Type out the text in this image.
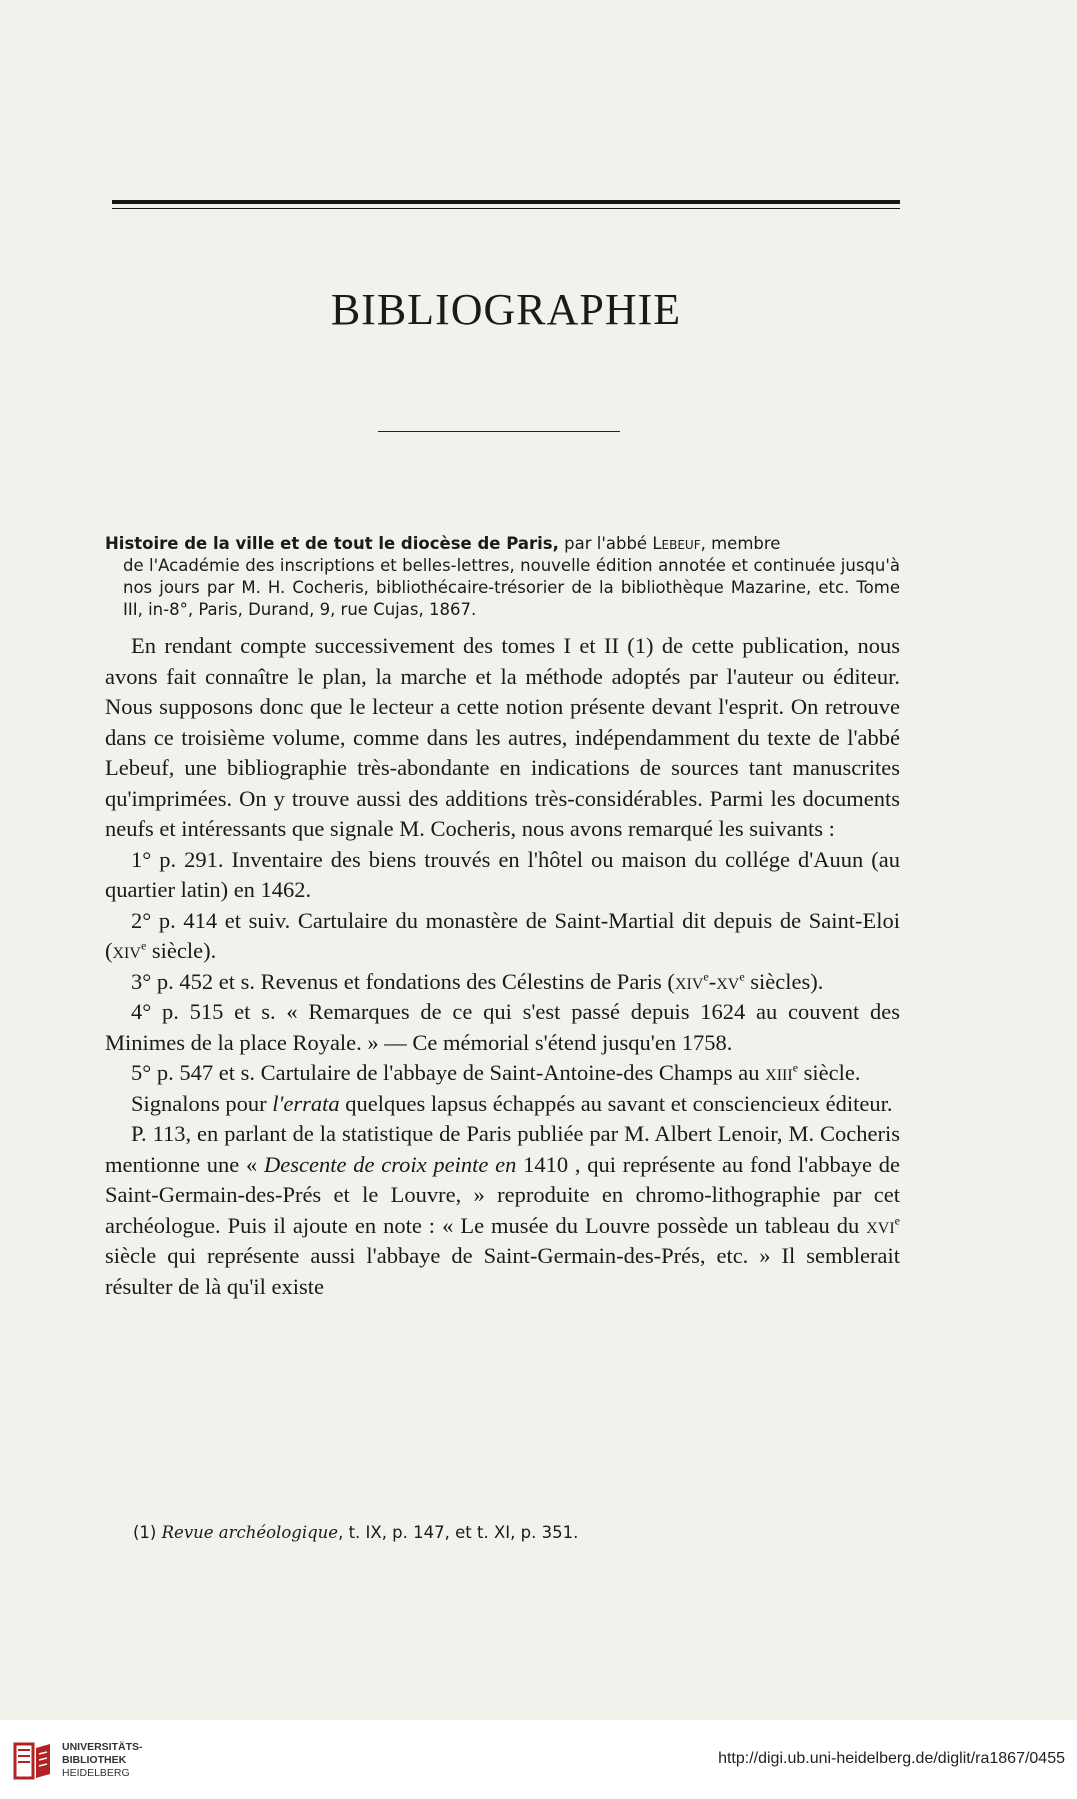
BIBLIOGRAPHIE
Histoire de la ville et de tout le diocèse de Paris, par l'abbé Lebeuf, membre
de l'Académie des inscriptions et belles-lettres, nouvelle édition annotée et continuée jusqu'à nos jours par M. H. Cocheris, bibliothécaire-trésorier de la bibliothèque Mazarine, etc. Tome III, in-8°, Paris, Durand, 9, rue Cujas, 1867.

En rendant compte successivement des tomes I et II (1) de cette publication, nous avons fait connaître le plan, la marche et la méthode adoptés par l'auteur ou éditeur. Nous supposons donc que le lecteur a cette notion présente devant l'esprit. On retrouve dans ce troisième volume, comme dans les autres, indépendamment du texte de l'abbé Lebeuf, une bibliographie très-abondante en indications de sources tant manuscrites qu'imprimées. On y trouve aussi des additions très-considérables. Parmi les documents neufs et intéressants que signale M. Cocheris, nous avons remarqué les suivants :

1° p. 291. Inventaire des biens trouvés en l'hôtel ou maison du collége d'Auun (au quartier latin) en 1462.

2° p. 414 et suiv. Cartulaire du monastère de Saint-Martial dit depuis de Saint-Eloi (xiv$^e$ siècle).

3° p. 452 et s. Revenus et fondations des Célestins de Paris ($xiv^e-xv^e$ siècles).

4° p. 515 et s. « Remarques de ce qui s'est passé depuis 1624 au couvent des Minimes de la place Royale. » — Ce mémorial s'étend jusqu'en 1758.

5° p. 547 et s. Cartulaire de l'abbaye de Saint-Antoine-des Champs au xiii$^e$ siècle.

Signalons pour l'errata quelques lapsus échappés au savant et consciencieux éditeur.

P. 113, en parlant de la statistique de Paris publiée par M. Albert Lenoir, M. Cocheris mentionne une « Descente de croix peinte en 1410 , qui représente au fond l'abbaye de Saint-Germain-des-Prés et le Louvre, » reproduite en chromo-lithographie par cet archéologue. Puis il ajoute en note : « Le musée du Louvre possède un tableau du xvi$^e$ siècle qui représente aussi l'abbaye de Saint-Germain-des-Prés, etc. » Il semblerait résulter de là qu'il existe

(1) Revue archéologique, t. IX, p. 147, et t. XI, p. 351.
UNIVERSITÄTS-
BIBLIOTHEK
HEIDELBERG
http://digi.ub.uni-heidelberg.de/diglit/ra1867/0455
